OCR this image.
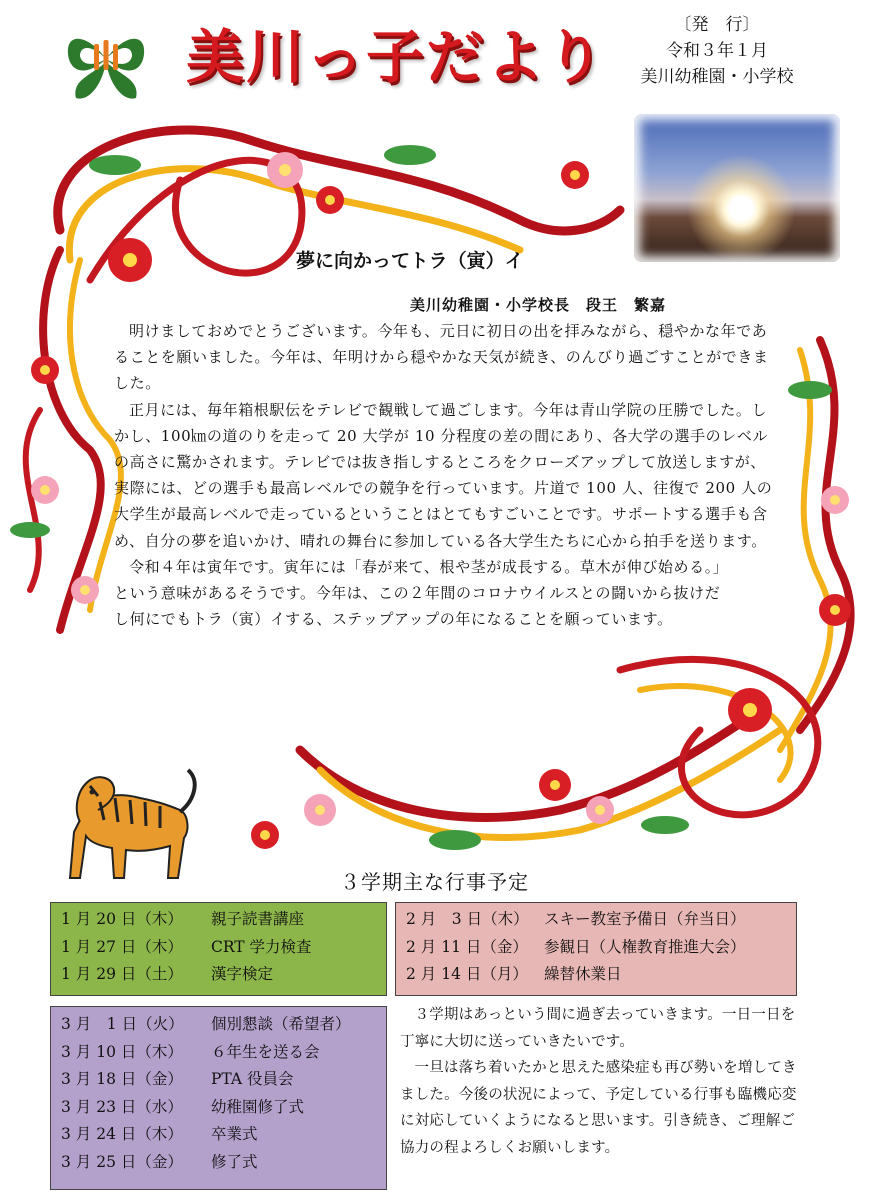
美川っ子だより	〔発　行〕
令和３年１月
美川幼稚園・小学校
夢に向かってトラ（寅）イ
美川幼稚園・小学校長　段王　繁嘉

明けましておめでとうございます。今年も、元日に初日の出を拝みながら、穏やかな年であることを願いました。今年は、年明けから穏やかな天気が続き、のんびり過ごすことができました。

正月には、毎年箱根駅伝をテレビで観戦して過ごします。今年は青山学院の圧勝でした。しかし、100㎞の道のりを走って 20 大学が 10 分程度の差の間にあり、各大学の選手のレベルの高さに驚かされます。テレビでは抜き指しするところをクローズアップして放送しますが、実際には、どの選手も最高レベルでの競争を行っています。片道で 100 人、往復で 200 人の大学生が最高レベルで走っているということはとてもすごいことです。サポートする選手も含め、自分の夢を追いかけ、晴れの舞台に参加している各大学生たちに心から拍手を送ります。

令和４年は寅年です。寅年には「春が来て、根や茎が成長する。草木が伸び始める。」という意味があるそうです。今年は、この２年間のコロナウイルスとの闘いから抜けだし何にでもトラ（寅）イする、ステップアップの年になることを願っています。

３学期主な行事予定
1 月 20 日（木）	親子読書講座
1 月 27 日（木）	CRT 学力検査
1 月 29 日（土）	漢字検定
2 月　3 日（木） スキー教室予備日（弁当日）
2 月 11 日（金）	参観日（人権教育推進大会）
2 月 14 日（月）	繰替休業日
3 月　1 日（火）	個別懇談（希望者）
3 月 10 日（木）	６年生を送る会
3 月 18 日（金）	PTA 役員会
3 月 23 日（水）	幼稚園修了式
3 月 24 日（木）	卒業式
3 月 25 日（金）	修了式

３学期はあっという間に過ぎ去っていきます。一日一日を丁寧に大切に送っていきたいです。

一旦は落ち着いたかと思えた感染症も再び勢いを増してきました。今後の状況によって、予定している行事も臨機応変に対応していくようになると思います。引き続き、ご理解ご協力の程よろしくお願いします。
